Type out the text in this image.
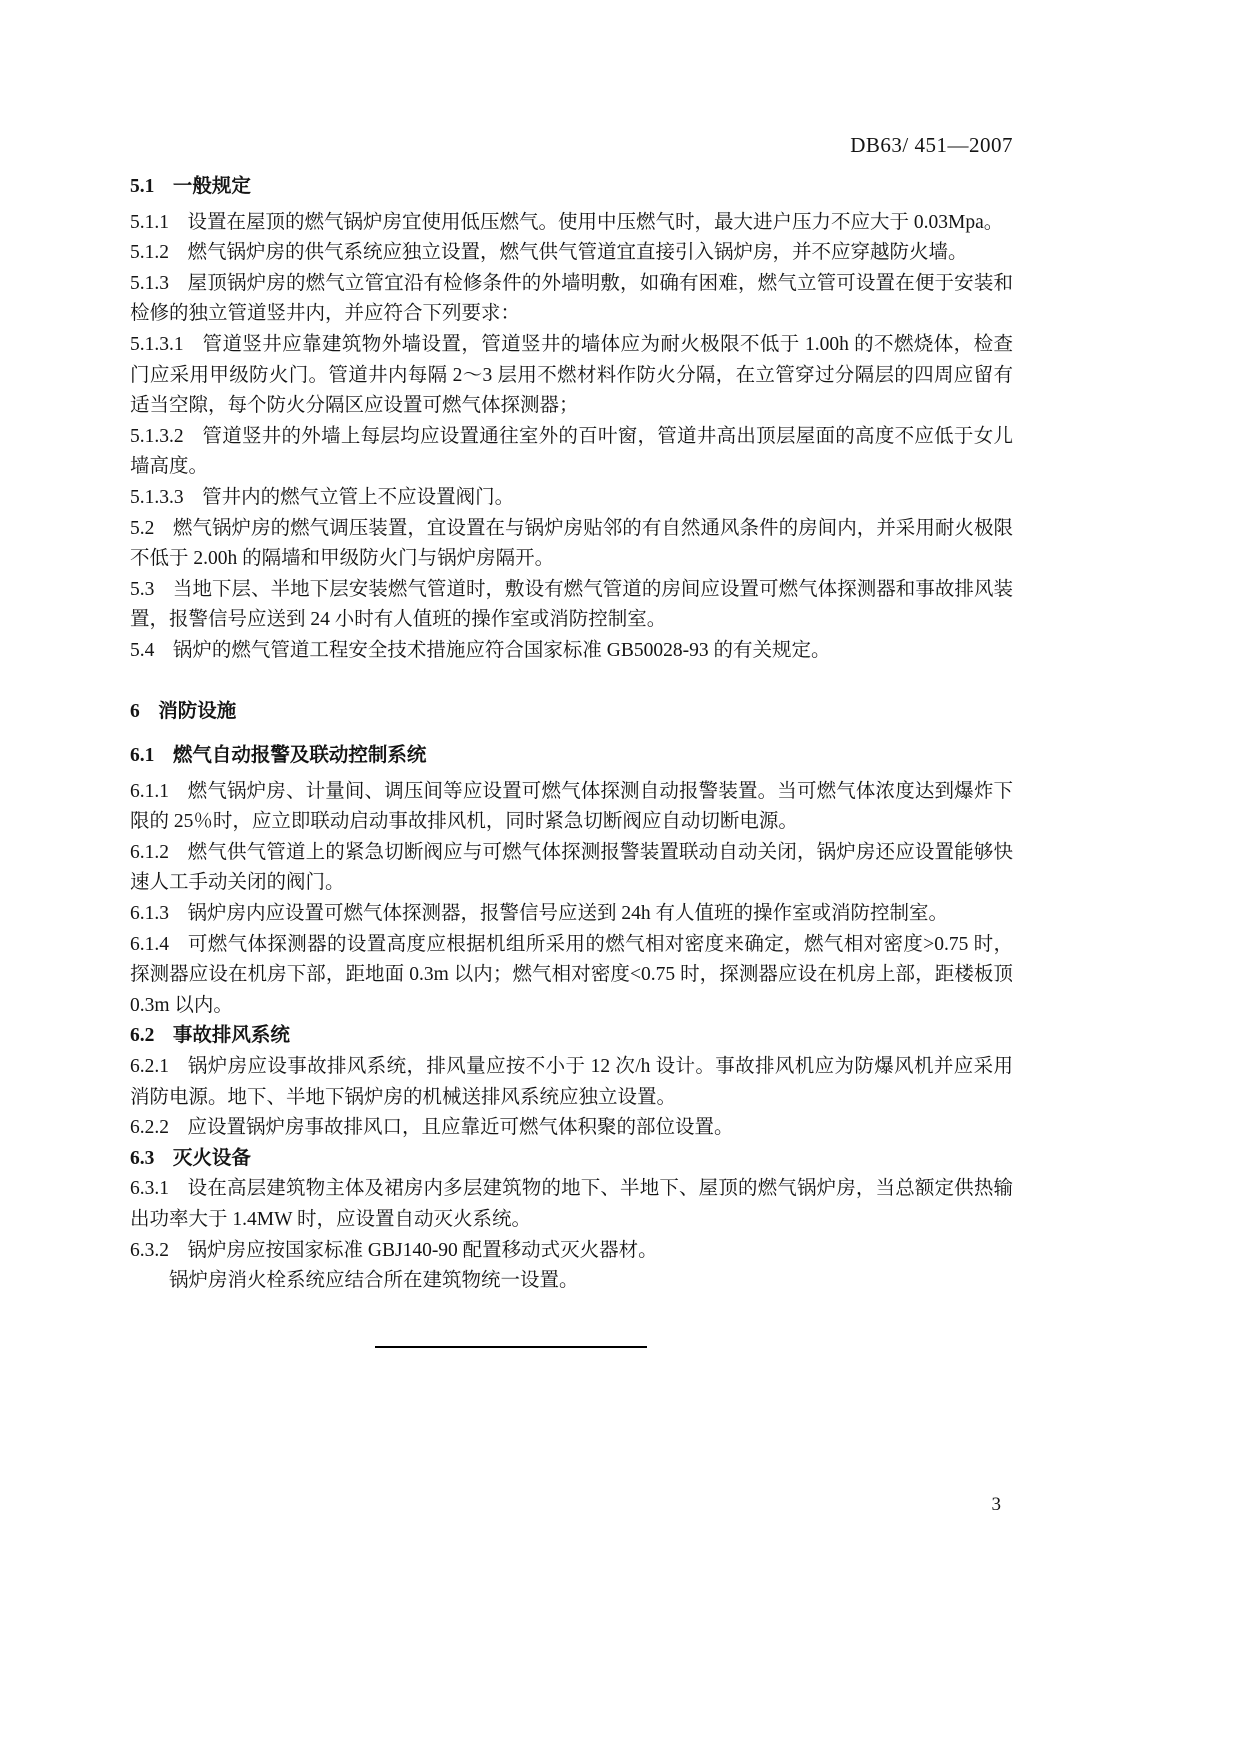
DB63/ 451—2007

5.1 一般规定

5.1.1 设置在屋顶的燃气锅炉房宜使用低压燃气。使用中压燃气时，最大进户压力不应大于 0.03Mpa。

5.1.2 燃气锅炉房的供气系统应独立设置，燃气供气管道宜直接引入锅炉房，并不应穿越防火墙。

5.1.3 屋顶锅炉房的燃气立管宜沿有检修条件的外墙明敷，如确有困难，燃气立管可设置在便于安装和检修的独立管道竖井内，并应符合下列要求：

5.1.3.1 管道竖井应靠建筑物外墙设置，管道竖井的墙体应为耐火极限不低于 1.00h 的不燃烧体，检查门应采用甲级防火门。管道井内每隔 2～3 层用不燃材料作防火分隔，在立管穿过分隔层的四周应留有适当空隙，每个防火分隔区应设置可燃气体探测器；

5.1.3.2 管道竖井的外墙上每层均应设置通往室外的百叶窗，管道井高出顶层屋面的高度不应低于女儿墙高度。

5.1.3.3 管井内的燃气立管上不应设置阀门。

5.2 燃气锅炉房的燃气调压装置，宜设置在与锅炉房贴邻的有自然通风条件的房间内，并采用耐火极限不低于 2.00h 的隔墙和甲级防火门与锅炉房隔开。

5.3 当地下层、半地下层安装燃气管道时，敷设有燃气管道的房间应设置可燃气体探测器和事故排风装置，报警信号应送到 24 小时有人值班的操作室或消防控制室。

5.4 锅炉的燃气管道工程安全技术措施应符合国家标准 GB50028-93 的有关规定。

6 消防设施

6.1 燃气自动报警及联动控制系统

6.1.1 燃气锅炉房、计量间、调压间等应设置可燃气体探测自动报警装置。当可燃气体浓度达到爆炸下限的 25％时，应立即联动启动事故排风机，同时紧急切断阀应自动切断电源。

6.1.2 燃气供气管道上的紧急切断阀应与可燃气体探测报警装置联动自动关闭，锅炉房还应设置能够快速人工手动关闭的阀门。

6.1.3 锅炉房内应设置可燃气体探测器，报警信号应送到 24h 有人值班的操作室或消防控制室。

6.1.4 可燃气体探测器的设置高度应根据机组所采用的燃气相对密度来确定，燃气相对密度>0.75 时，探测器应设在机房下部，距地面 0.3m 以内；燃气相对密度<0.75 时，探测器应设在机房上部，距楼板顶 0.3m 以内。

6.2 事故排风系统

6.2.1 锅炉房应设事故排风系统，排风量应按不小于 12 次/h 设计。事故排风机应为防爆风机并应采用消防电源。地下、半地下锅炉房的机械送排风系统应独立设置。

6.2.2 应设置锅炉房事故排风口，且应靠近可燃气体积聚的部位设置。

6.3 灭火设备

6.3.1 设在高层建筑物主体及裙房内多层建筑物的地下、半地下、屋顶的燃气锅炉房，当总额定供热输出功率大于 1.4MW 时，应设置自动灭火系统。

6.3.2 锅炉房应按国家标准 GBJ140-90 配置移动式灭火器材。

锅炉房消火栓系统应结合所在建筑物统一设置。

3
